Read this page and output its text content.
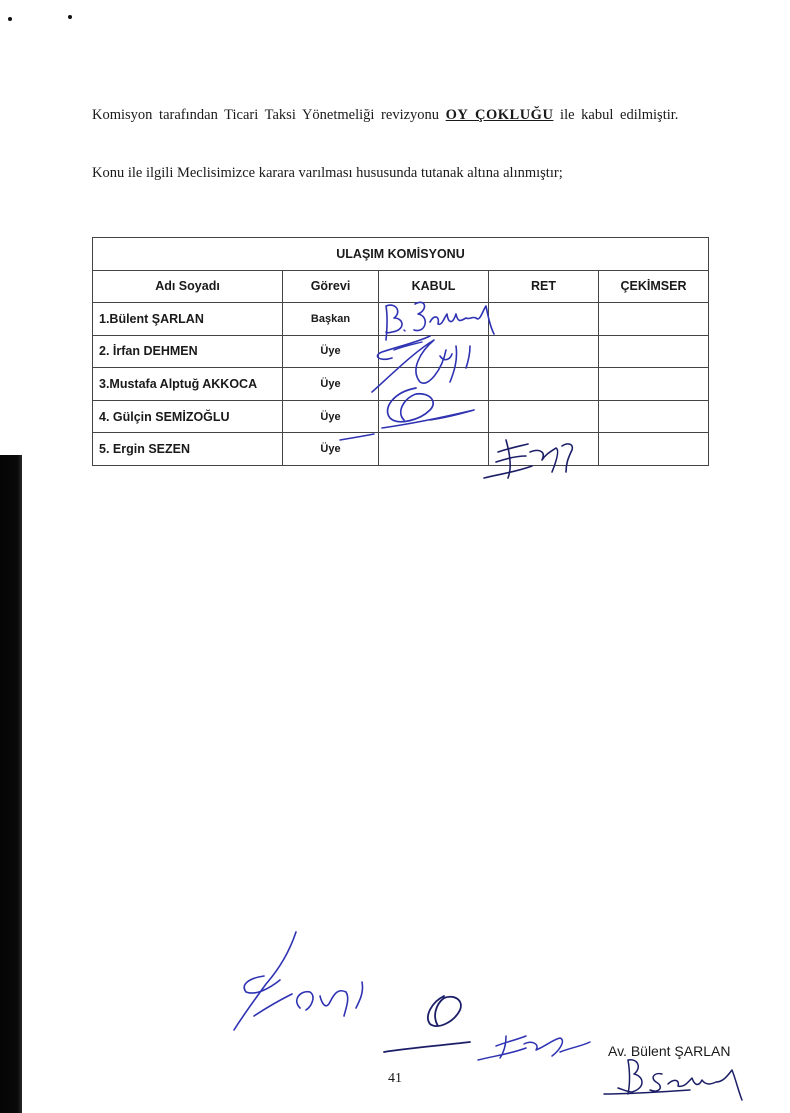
Komisyon tarafından Ticari Taksi Yönetmeliği revizyonu OY ÇOKLUĞU ile kabul edilmiştir.

Konu ile ilgili Meclisimizce karara varılması hususunda tutanak altına alınmıştır;

ULAŞIM KOMİSYONU				
Adı Soyadı	Görevi	KABUL	RET	ÇEKİMSER
1.Bülent ŞARLAN	Başkan			
2. İrfan DEHMEN	Üye			
3.Mustafa Alptuğ AKKOCA	Üye			
4. Gülçin SEMİZOĞLU	Üye			
5. Ergin SEZEN	Üye			
41
Av. Bülent ŞARLAN
